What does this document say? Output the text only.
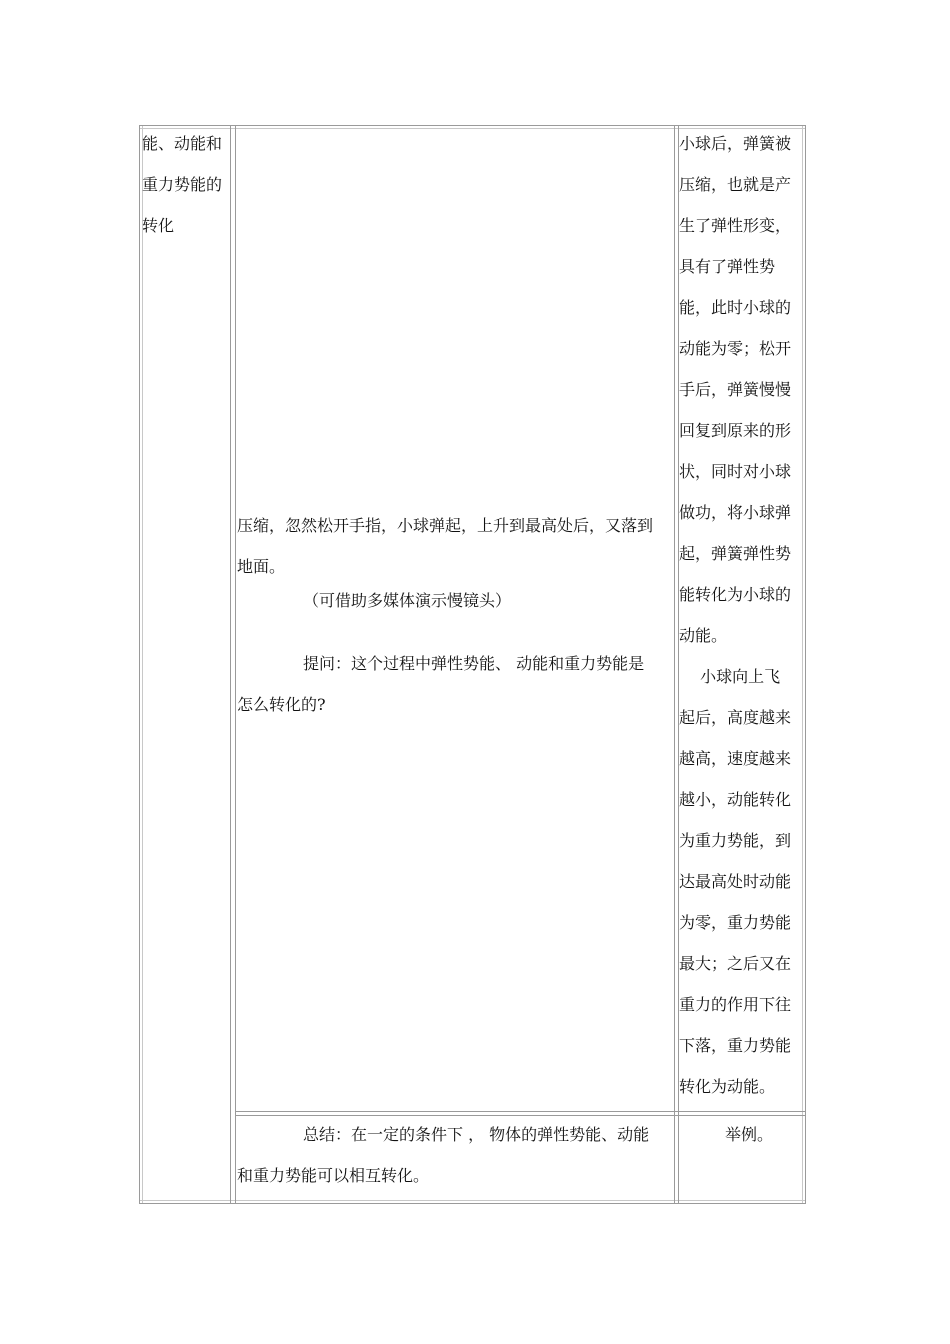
能、动能和
重力势能的
转化
压缩，忽然松开手指，小球弹起，上升到最高处后，又落到
地面。

（可借助多媒体演示慢镜头）

提问：这个过程中弹性势能、 动能和重力势能是
怎么转化的?
小球后，弹簧被
压缩，也就是产
生了弹性形变，
具有了弹性势
能，此时小球的
动能为零；松开
手后，弹簧慢慢
回复到原来的形
状，同时对小球
做功，将小球弹
起，弹簧弹性势
能转化为小球的
动能。
　 小球向上飞
起后，高度越来
越高，速度越来
越小，动能转化
为重力势能，到
达最高处时动能
为零，重力势能
最大；之后又在
重力的作用下往
下落，重力势能
转化为动能。
总结：在一定的条件下 ， 物体的弹性势能、动能
和重力势能可以相互转化。

举例。
